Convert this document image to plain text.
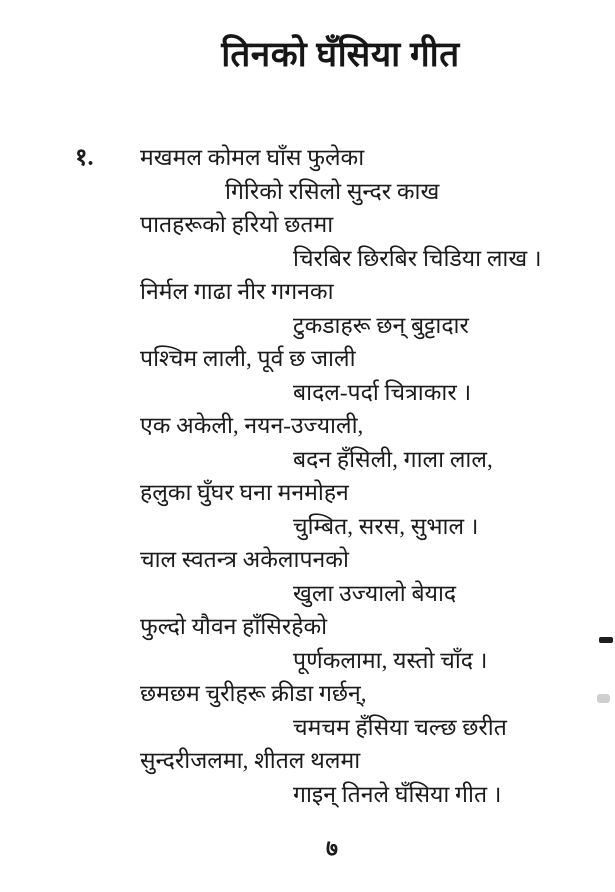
तिनको घँसिया गीत
१.	मखमल कोमल घाँस फुलेका
गिरिको रसिलो सुन्दर काख
पातहरूको हरियो छतमा
चिरबिर छिरबिर चिडिया लाख ।
निर्मल गाढा नीर गगनका
टुकडाहरू छन् बुट्टादार
पश्चिम लाली, पूर्व छ जाली
बादल-पर्दा चित्राकार ।
एक अकेली, नयन-उज्याली,
बदन हँसिली, गाला लाल,
हलुका घुँघर घना मनमोहन
चुम्बित, सरस, सुभाल ।
चाल स्वतन्त्र अकेलापनको
खुला उज्यालो बेयाद
फुल्दो यौवन हाँसिरहेको
पूर्णकलामा, यस्तो चाँद ।
छमछम चुरीहरू क्रीडा गर्छन्,
चमचम हँसिया चल्छ छरीत
सुन्दरीजलमा, शीतल थलमा
गाइन् तिनले घँसिया गीत ।
७
